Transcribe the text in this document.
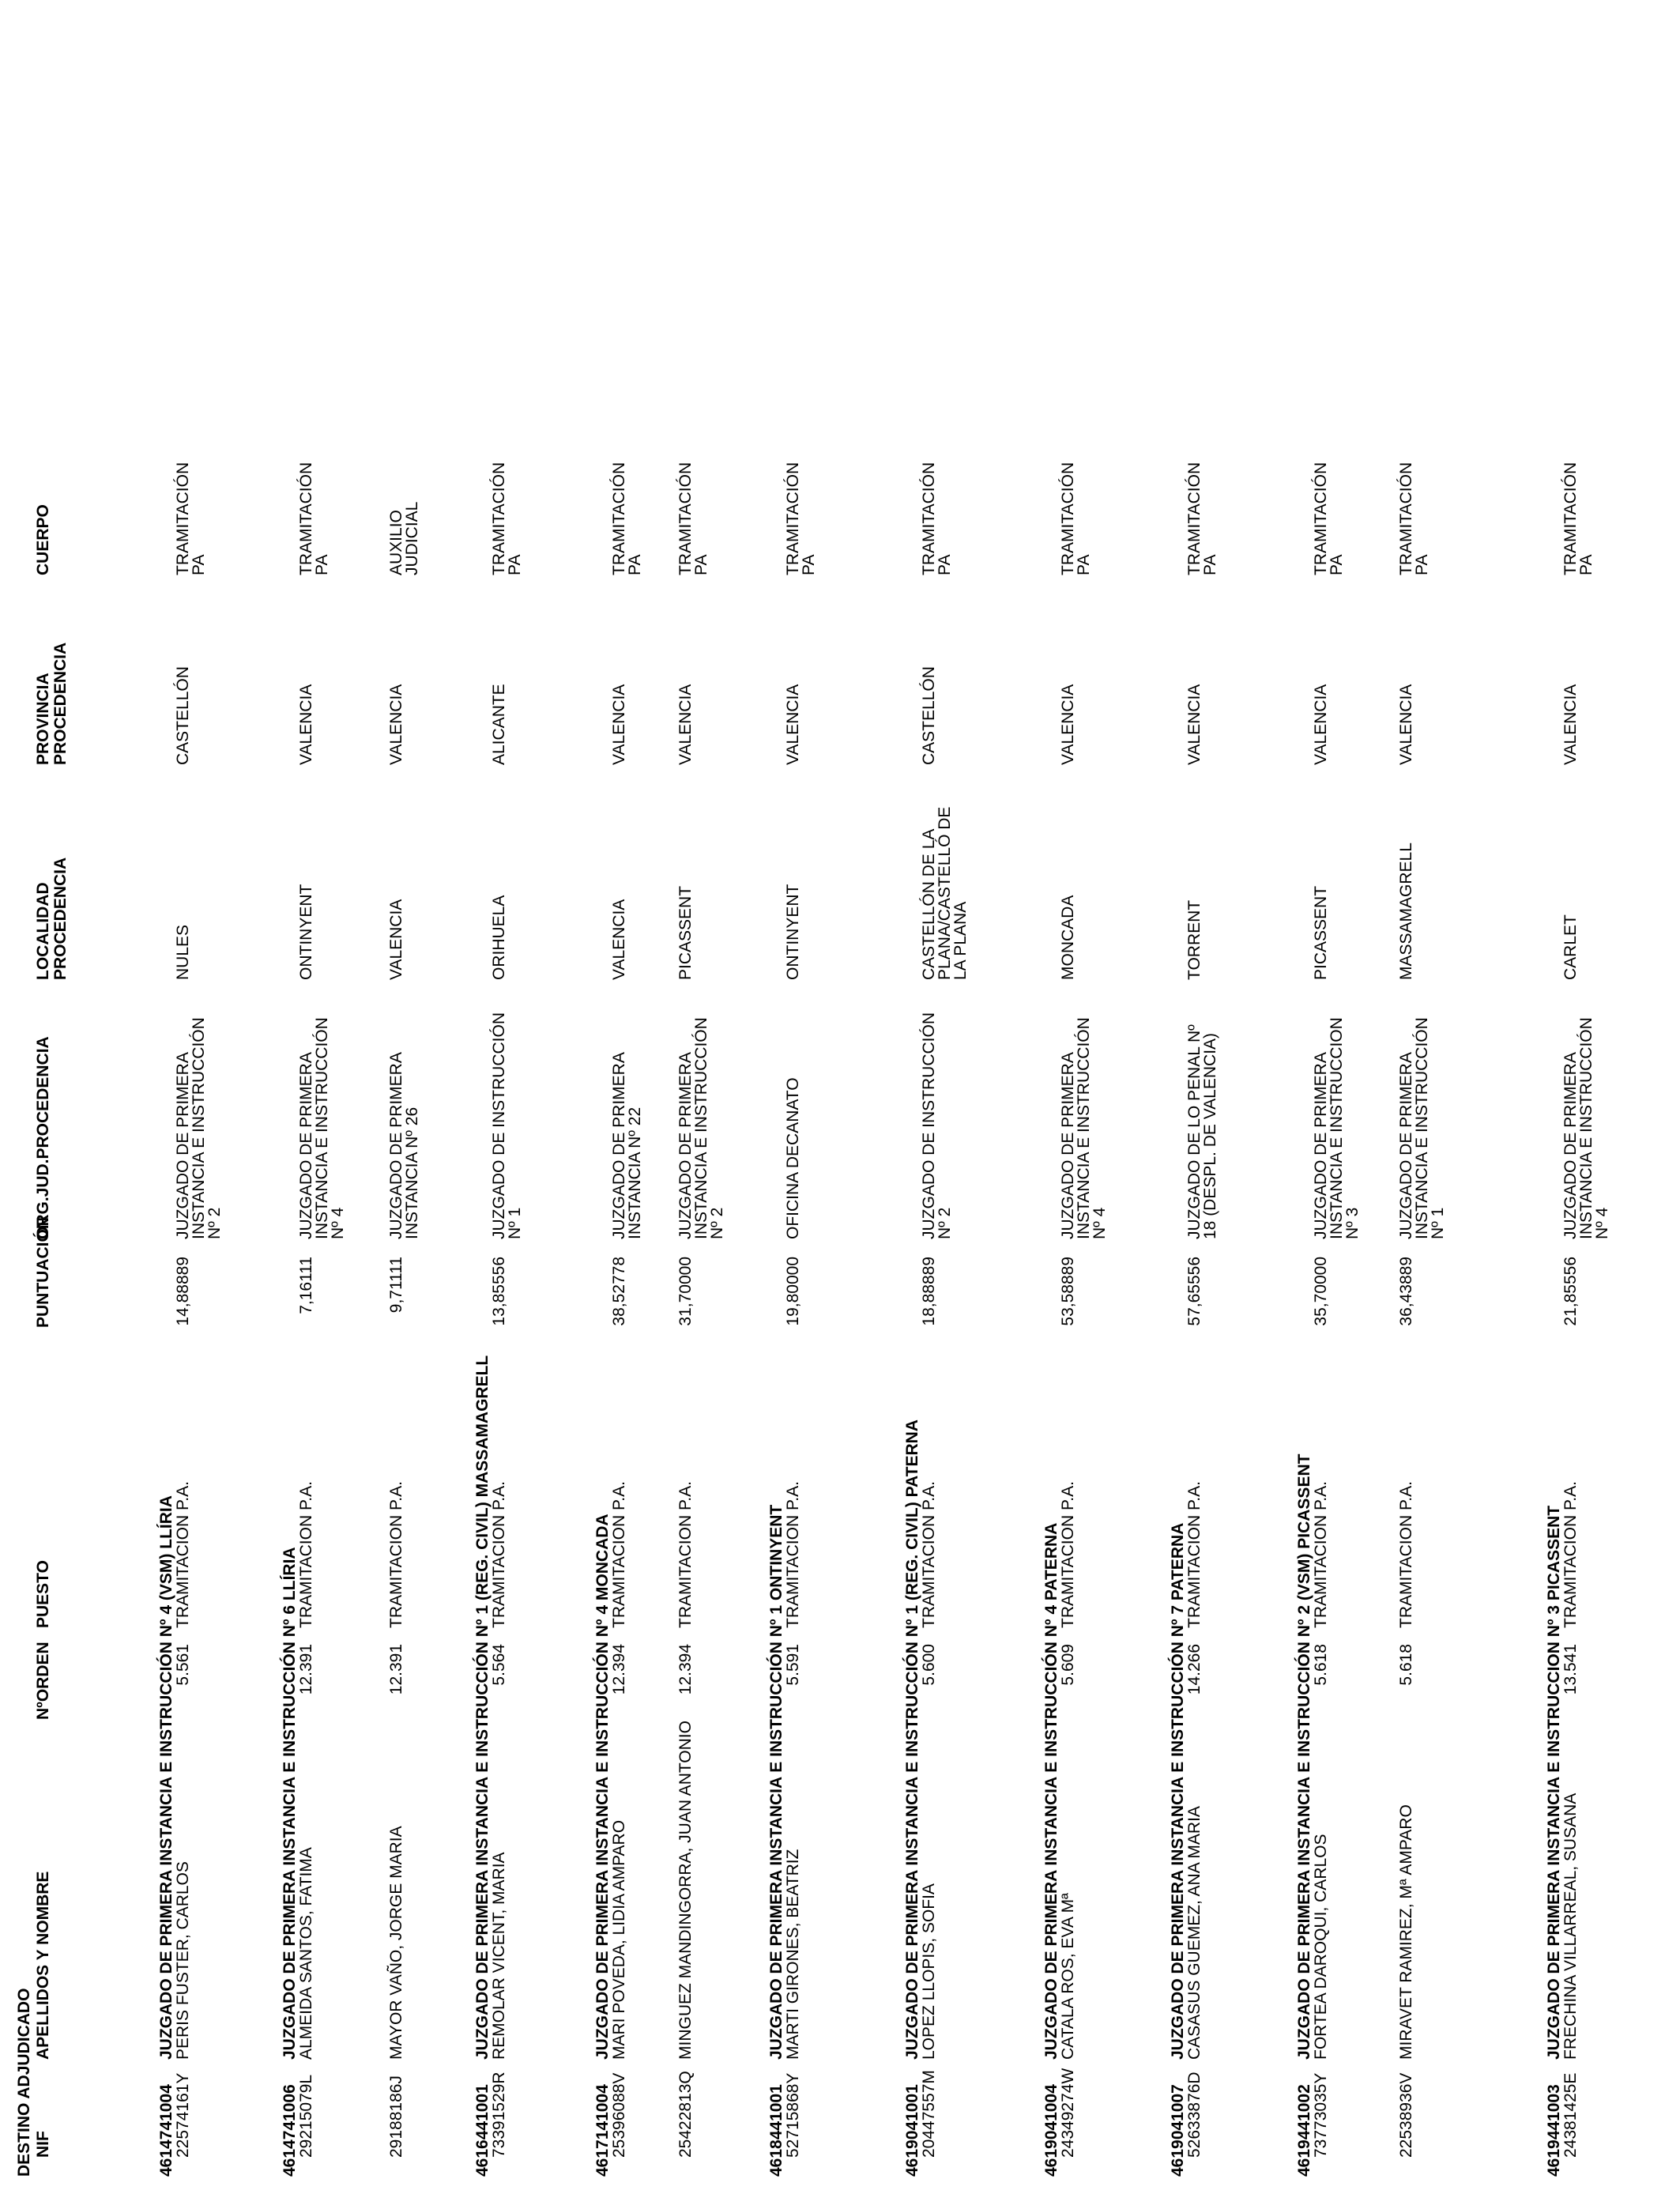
DESTINO ADJUDICADO NIF
APELLIDOS Y NOMBRE
NºORDEN
PUESTO
PUNTUACIÓN
ORG.JUD.PROCEDENCIA
LOCALIDAD PROCEDENCIA
PROVINCIA PROCEDENCIA
CUERPO
4614741004
JUZGADO DE PRIMERA INSTANCIA E INSTRUCCIÓN Nº 4 (VSM) LLÍRIA
22574161Y
PERIS FUSTER, CARLOS
5.561
TRAMITACION P.A.
14,88889
JUZGADO DE PRIMERA INSTANCIA E INSTRUCCIÓN Nº 2
NULES
CASTELLÓN
TRAMITACIÓN PA
4614741006
JUZGADO DE PRIMERA INSTANCIA E INSTRUCCIÓN Nº 6 LLÍRIA
29215079L
ALMEIDA SANTOS, FATIMA
12.391
TRAMITACION P.A.
7,16111
JUZGADO DE PRIMERA INSTANCIA E INSTRUCCIÓN Nº 4
ONTINYENT
VALENCIA
TRAMITACIÓN PA
29188186J
MAYOR VAÑO, JORGE MARIA
12.391
TRAMITACION P.A.
9,71111
JUZGADO DE PRIMERA INSTANCIA Nº 26
VALENCIA
VALENCIA
AUXILIO JUDICIAL
4616441001
JUZGADO DE PRIMERA INSTANCIA E INSTRUCCIÓN Nº 1 (REG. CIVIL) MASSAMAGRELL
73391529R
REMOLAR VICENT, MARIA
5.564
TRAMITACION P.A.
13,85556
JUZGADO DE INSTRUCCIÓN Nº 1
ORIHUELA
ALICANTE
TRAMITACIÓN PA
4617141004
JUZGADO DE PRIMERA INSTANCIA E INSTRUCCIÓN Nº 4 MONCADA
25396088V
MARI POVEDA, LIDIA AMPARO
12.394
TRAMITACION P.A.
38,52778
JUZGADO DE PRIMERA INSTANCIA Nº 22
VALENCIA
VALENCIA
TRAMITACIÓN PA
25422813Q
MINGUEZ MANDINGORRA, JUAN ANTONIO
12.394
TRAMITACION P.A.
31,70000
JUZGADO DE PRIMERA INSTANCIA E INSTRUCCIÓN Nº 2
PICASSENT
VALENCIA
TRAMITACIÓN PA
4618441001
JUZGADO DE PRIMERA INSTANCIA E INSTRUCCIÓN Nº 1 ONTINYENT
52715868Y
MARTI GIRONES, BEATRIZ
5.591
TRAMITACION P.A.
19,80000
OFICINA DECANATO
ONTINYENT
VALENCIA
TRAMITACIÓN PA
4619041001
JUZGADO DE PRIMERA INSTANCIA E INSTRUCCIÓN Nº 1 (REG. CIVIL) PATERNA
20447557M
LOPEZ LLOPIS, SOFIA
5.600
TRAMITACION P.A.
18,88889
JUZGADO DE INSTRUCCIÓN Nº 2
CASTELLÓN DE LA PLANA/CASTELLÓ DE LA PLANA
CASTELLÓN
TRAMITACIÓN PA
4619041004
JUZGADO DE PRIMERA INSTANCIA E INSTRUCCIÓN Nº 4 PATERNA
24349274W
CATALA ROS, EVA Mª
5.609
TRAMITACION P.A.
53,58889
JUZGADO DE PRIMERA INSTANCIA E INSTRUCCIÓN Nº 4
MONCADA
VALENCIA
TRAMITACIÓN PA
4619041007
JUZGADO DE PRIMERA INSTANCIA E INSTRUCCIÓN Nº 7 PATERNA
52633876D
CASASUS GUEMEZ, ANA MARIA
14.266
TRAMITACION P.A.
57,65556
JUZGADO DE LO PENAL Nº 18 (DESPL. DE VALENCIA)
TORRENT
VALENCIA
TRAMITACIÓN PA
4619441002
JUZGADO DE PRIMERA INSTANCIA E INSTRUCCIÓN Nº 2 (VSM) PICASSENT
73773035Y
FORTEA DAROQUI, CARLOS
5.618
TRAMITACION P.A.
35,70000
JUZGADO DE PRIMERA INSTANCIA E INSTRUCCION Nº 3
PICASSENT
VALENCIA
TRAMITACIÓN PA
22538936V
MIRAVET RAMIREZ, Mª AMPARO
5.618
TRAMITACION P.A.
36,43889
JUZGADO DE PRIMERA INSTANCIA E INSTRUCCIÓN Nº 1
MASSAMAGRELL
VALENCIA
TRAMITACIÓN PA
4619441003
JUZGADO DE PRIMERA INSTANCIA E INSTRUCCION Nº 3 PICASSENT
24381425E
FRECHINA VILLARREAL, SUSANA
13.541
TRAMITACION P.A.
21,85556
JUZGADO DE PRIMERA INSTANCIA E INSTRUCCIÓN Nº 4
CARLET
VALENCIA
TRAMITACIÓN PA
